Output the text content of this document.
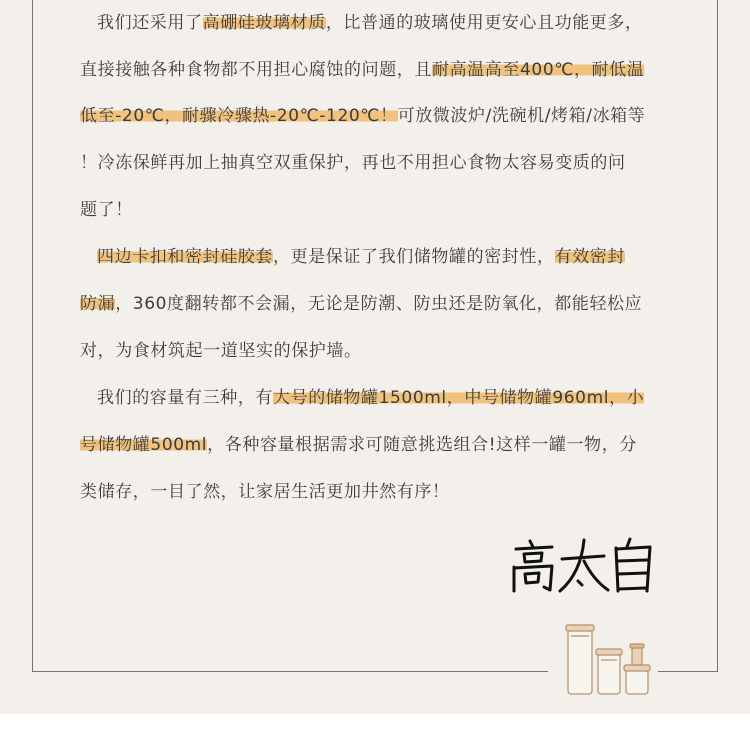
我们还采用了高硼硅玻璃材质，比普通的玻璃使用更安心且功能更多，
直接接触各种食物都不用担心腐蚀的问题，且耐高温高至400℃，耐低温
低至-20℃，耐骤冷骤热-20℃-120℃！可放微波炉/洗碗机/烤箱/冰箱等
！冷冻保鲜再加上抽真空双重保护，再也不用担心食物太容易变质的问
题了！
四边卡扣和密封硅胶套，更是保证了我们储物罐的密封性，有效密封
防漏，360度翻转都不会漏，无论是防潮、防虫还是防氧化，都能轻松应
对，为食材筑起一道坚实的保护墙。
我们的容量有三种，有大号的储物罐1500ml，中号储物罐960ml，小
号储物罐500ml，各种容量根据需求可随意挑选组合!这样一罐一物，分
类储存，一目了然，让家居生活更加井然有序！
